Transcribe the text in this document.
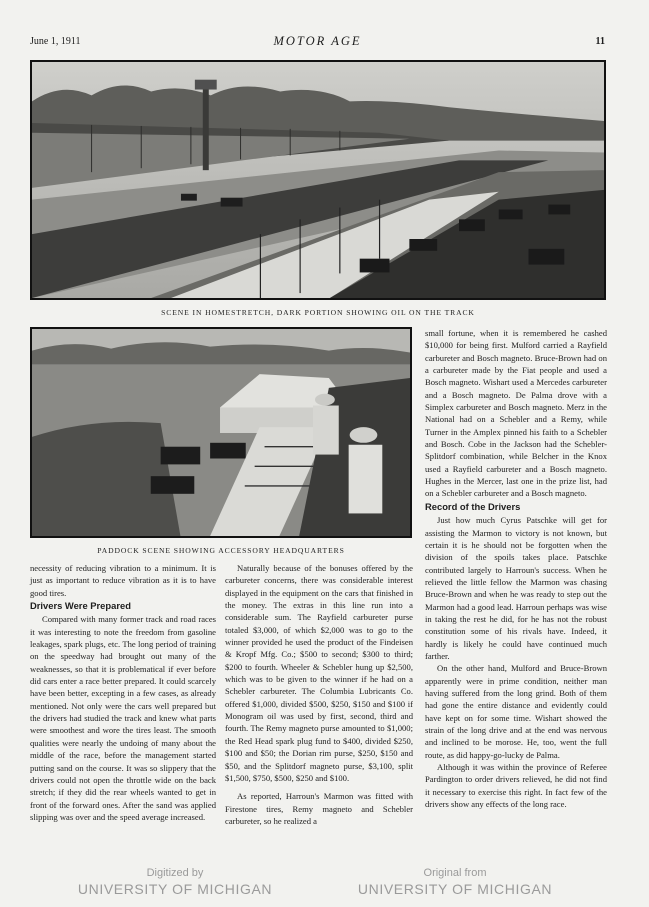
June 1, 1911	MOTOR AGE	11
SCENE IN HOMESTRETCH, DARK PORTION SHOWING OIL ON THE TRACK
PADDOCK SCENE SHOWING ACCESSORY HEADQUARTERS

necessity of reducing vibration to a minimum. It is just as important to reduce vibration as it is to have good tires.

Drivers Were Prepared

Compared with many former track and road races it was interesting to note the freedom from gasoline leakages, spark plugs, etc. The long period of training on the speedway had brought out many of the weaknesses, so that it is problematical if ever before did cars enter a race better prepared. It could scarcely have been better, excepting in a few cases, as already mentioned. Not only were the cars well prepared but the drivers had studied the track and knew what parts were smoothest and wore the tires least. The smooth qualities were nearly the undoing of many about the middle of the race, before the management started putting sand on the course. It was so slippery that the drivers could not open the throttle wide on the back stretch; if they did the rear wheels wanted to get in front of the forward ones. After the sand was applied slipping was over and the speed average increased.

Naturally because of the bonuses offered by the carbureter concerns, there was considerable interest displayed in the equipment on the cars that finished in the money. The extras in this line run into a considerable sum. The Rayfield carbureter purse totaled $3,000, of which $2,000 was to go to the winner provided he used the product of the Findeisen & Kropf Mfg. Co.; $500 to second; $300 to third; $200 to fourth. Wheeler & Schebler hung up $2,500, which was to be given to the winner if he had on a Schebler carbureter. The Columbia Lubricants Co. offered $1,000, divided $500, $250, $150 and $100 if Monogram oil was used by first, second, third and fourth. The Remy magneto purse amounted to $1,000; the Red Head spark plug fund to $400, divided $250, $100 and $50; the Dorian rim purse, $250, $150 and $50, and the Splitdorf magneto purse, $3,100, split $1,500, $750, $500, $250 and $100.

As reported, Harroun's Marmon was fitted with Firestone tires, Remy magneto and Schebler carbureter, so he realized a

small fortune, when it is remembered he cashed $10,000 for being first. Mulford carried a Rayfield carbureter and Bosch magneto. Bruce-Brown had on a carbureter made by the Fiat people and used a Bosch magneto. Wishart used a Mercedes carbureter and a Bosch magneto. De Palma drove with a Simplex carbureter and Bosch magneto. Merz in the National had on a Schebler and a Remy, while Turner in the Amplex pinned his faith to a Schebler and Bosch. Cobe in the Jackson had the Schebler-Splitdorf combination, while Belcher in the Knox used a Rayfield carbureter and a Bosch magneto. Hughes in the Mercer, last one in the prize list, had on a Schebler carbureter and a Bosch magneto.

Record of the Drivers

Just how much Cyrus Patschke will get for assisting the Marmon to victory is not known, but certain it is he should not be forgotten when the division of the spoils takes place. Patschke contributed largely to Harroun's success. When he relieved the little fellow the Marmon was chasing Bruce-Brown and when he was ready to step out the Marmon had a good lead. Harroun perhaps was wise in taking the rest he did, for he has not the robust constitution some of his rivals have. Indeed, it hardly is likely he could have continued much farther.

On the other hand, Mulford and Bruce-Brown apparently were in prime condition, neither man having suffered from the long grind. Both of them had gone the entire distance and evidently could have kept on for some time. Wishart showed the strain of the long drive and at the end was nervous and inclined to be morose. He, too, went the full route, as did happy-go-lucky de Palma.

Although it was within the province of Referee Pardington to order drivers relieved, he did not find it necessary to exercise this right. In fact few of the drivers show any effects of the long race.

Digitized by
UNIVERSITY OF MICHIGAN
Original from
UNIVERSITY OF MICHIGAN
